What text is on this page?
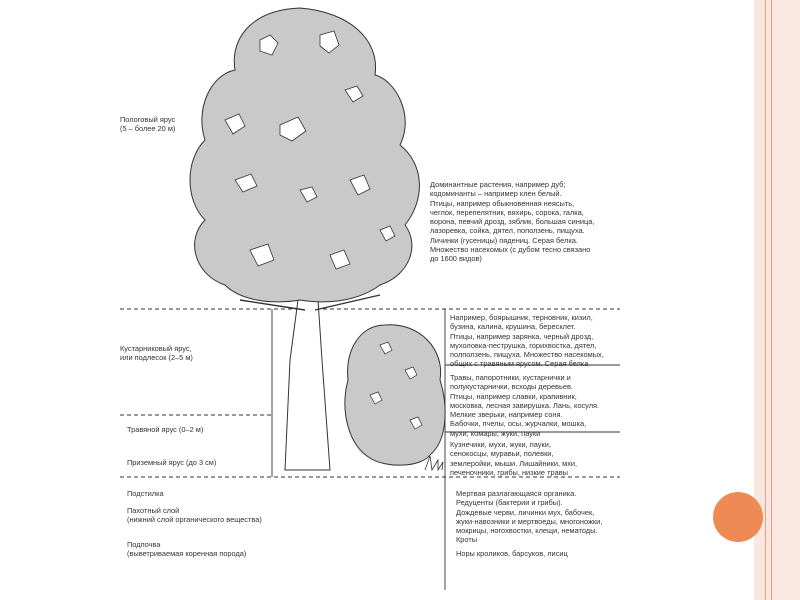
Пологовый ярус
(5 – более 20 м)
Кустарниковый ярус,
или подлесок (2–5 м)
Травяной ярус (0–2 м)
Приземный ярус (до 3 см)
Подстилка
Пахотный слой
(нижний слой органического вещества)
Подпочва
(выветриваемая коренная порода)
Доминантные растения, например дуб;
кодоминанты – например клен белый.
Птицы, например обыкновенная неясыть,
чеглок, перепелятник, вяхирь, сорока, галка,
ворона, певчий дрозд, зяблик, большая синица,
лазоревка, сойка, дятел, поползень, пищуха.
Личинки (гусеницы) пядениц. Серая белка.
Множество насекомых (с дубом тесно связано
до 1600 видов)
Например, боярышник, терновник, кизил,
бузина, калина, крушина, бересклет.
Птицы, например зарянка, черный дрозд,
мухоловка-пеструшка, горихвостка, дятел,
полползень, пищуха. Множество насекомых,
общих с травяным ярусом. Серая белка
Травы, папоротники, кустарнички и
полукустарнички, всходы деревьев.
Птицы, например славки, крапивник,
московка, лесная завирушка. Лань, косуля.
Мелкие зверьки, например соня.
Бабочки, пчелы, осы, журчалки, мошка,
мухи, комары, жуки, пауки
Кузнечики, мухи, жуки, пауки,
сенокосцы, муравьи, полевки,
землеройки, мыши. Лишайники, мхи,
печеночники, грибы, низкие травы
Мертвая разлагающаяся органика.
Редуценты (бактерии и грибы).
Дождевые черви, личинки мух, бабочек,
жуки-навозники и мертвоеды, многоножки,
мокрицы, ногохвостки, клещи, нематоды.
Кроты
Норы кроликов, барсуков, лисиц
